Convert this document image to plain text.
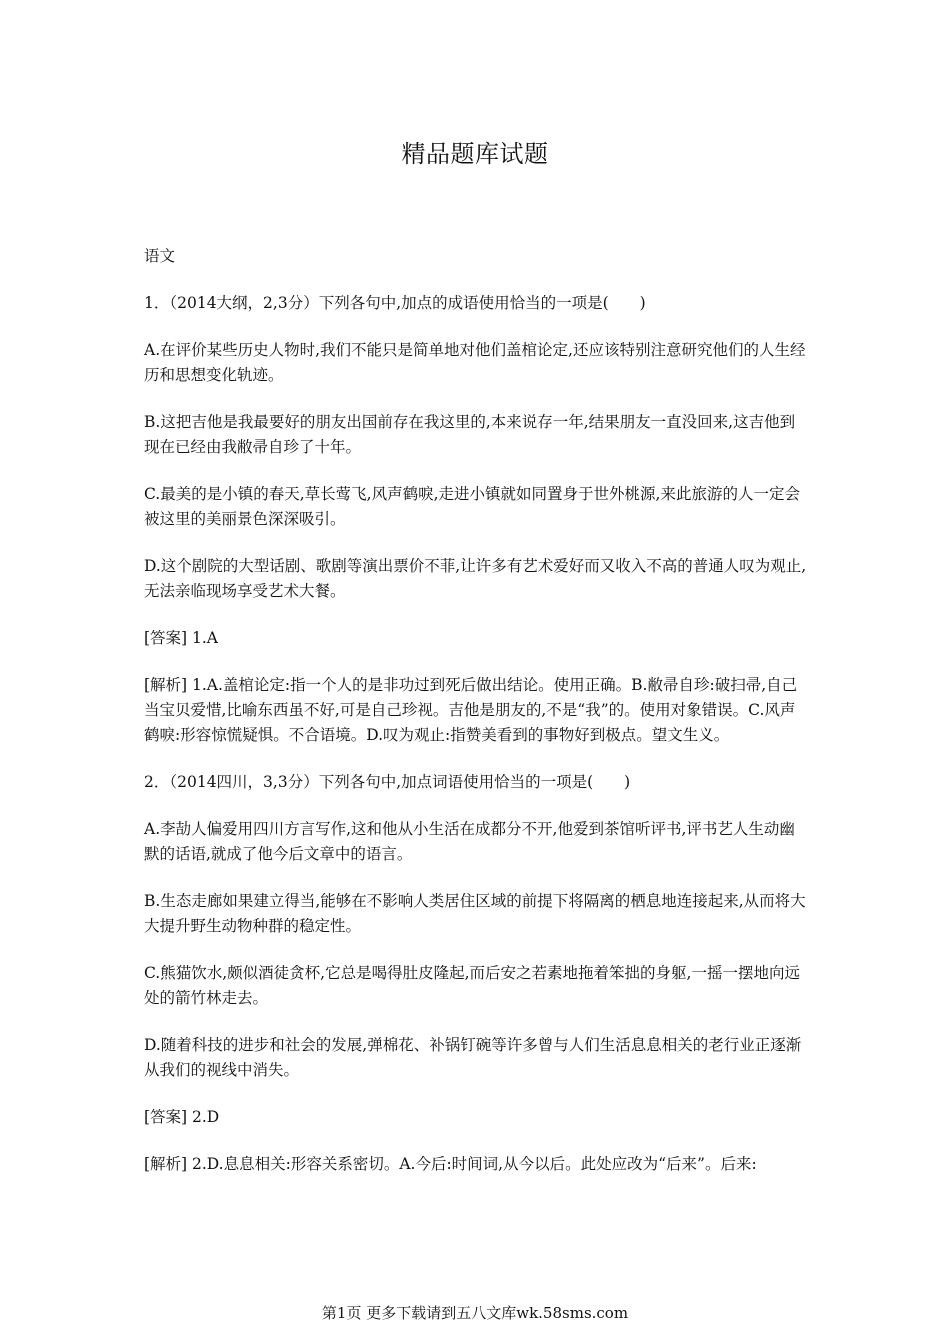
精品题库试题

语文

1．（2014大纲，2,3分）下列各句中,加点的成语使用恰当的一项是(　　)

A.在评价某些历史人物时,我们不能只是简单地对他们盖棺论定,还应该特别注意研究他们的人生经历和思想变化轨迹。

B.这把吉他是我最要好的朋友出国前存在我这里的,本来说存一年,结果朋友一直没回来,这吉他到现在已经由我敝帚自珍了十年。

C.最美的是小镇的春天,草长莺飞,风声鹤唳,走进小镇就如同置身于世外桃源,来此旅游的人一定会被这里的美丽景色深深吸引。

D.这个剧院的大型话剧、歌剧等演出票价不菲,让许多有艺术爱好而又收入不高的普通人叹为观止,无法亲临现场享受艺术大餐。

[答案] 1.A

[解析] 1.A.盖棺论定:指一个人的是非功过到死后做出结论。使用正确。B.敝帚自珍:破扫帚,自己当宝贝爱惜,比喻东西虽不好,可是自己珍视。吉他是朋友的,不是“我”的。使用对象错误。C.风声鹤唳:形容惊慌疑惧。不合语境。D.叹为观止:指赞美看到的事物好到极点。望文生义。

2．（2014四川，3,3分）下列各句中,加点词语使用恰当的一项是(　　)

A.李劼人偏爱用四川方言写作,这和他从小生活在成都分不开,他爱到茶馆听评书,评书艺人生动幽默的话语,就成了他今后文章中的语言。

B.生态走廊如果建立得当,能够在不影响人类居住区域的前提下将隔离的栖息地连接起来,从而将大大提升野生动物种群的稳定性。

C.熊猫饮水,颇似酒徒贪杯,它总是喝得肚皮隆起,而后安之若素地拖着笨拙的身躯,一摇一摆地向远处的箭竹林走去。

D.随着科技的进步和社会的发展,弹棉花、补锅钉碗等许多曾与人们生活息息相关的老行业正逐渐从我们的视线中消失。

[答案] 2.D

[解析] 2.D.息息相关:形容关系密切。A.今后:时间词,从今以后。此处应改为“后来”。后来:

第1页 更多下载请到五八文库wk.58sms.com
